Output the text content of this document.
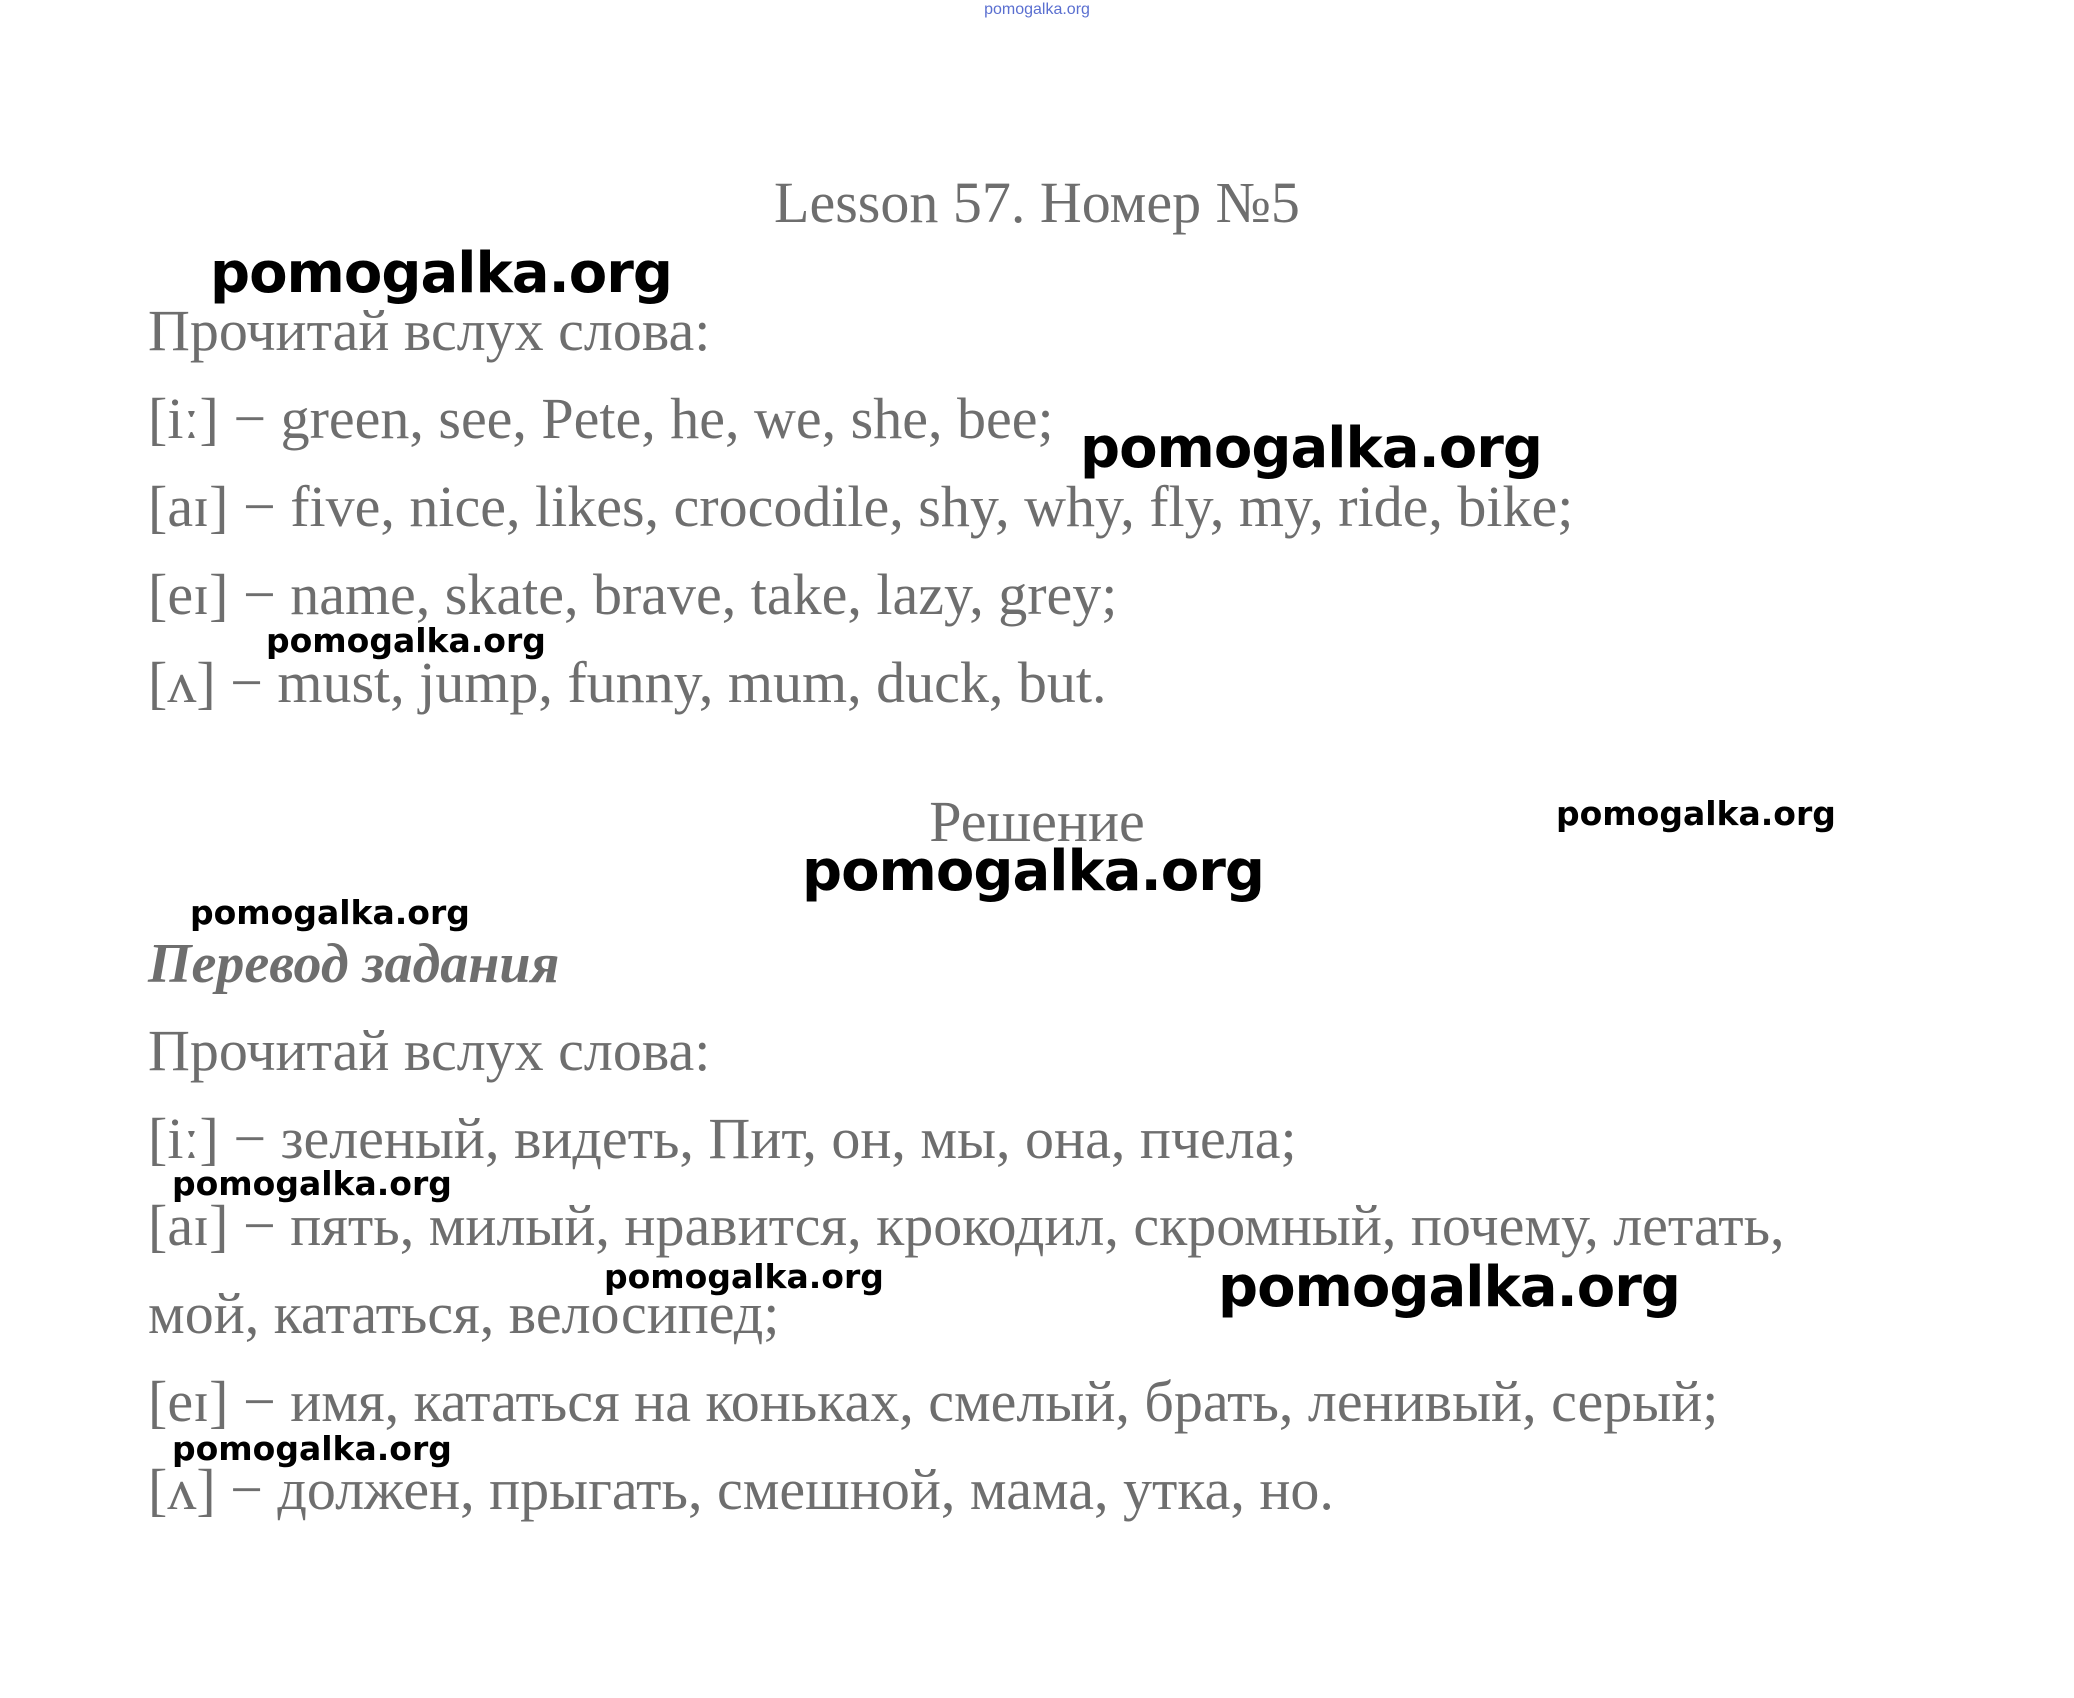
pomogalka.org
Lesson 57. Номер №5
Прочитай вслух слова:
[iː] − green, see, Pete, he, we, she, bee;
[aɪ] − five, nice, likes, crocodile, shy, why, fly, my, ride, bike;
[eɪ] − name, skate, brave, take, lazy, grey;
[ʌ] − must, jump, funny, mum, duck, but.
Решение
Перевод задания
Прочитай вслух слова:
[iː] − зеленый, видеть, Пит, он, мы, она, пчела;
[aɪ] − пять, милый, нравится, крокодил, скромный, почему, летать,
мой, кататься, велосипед;
[eɪ] − имя, кататься на коньках, смелый, брать, ленивый, серый;
[ʌ] − должен, прыгать, смешной, мама, утка, но.
pomogalka.org
pomogalka.org
pomogalka.org
pomogalka.org
pomogalka.org
pomogalka.org
pomogalka.org
pomogalka.org	pomogalka.org
pomogalka.org
